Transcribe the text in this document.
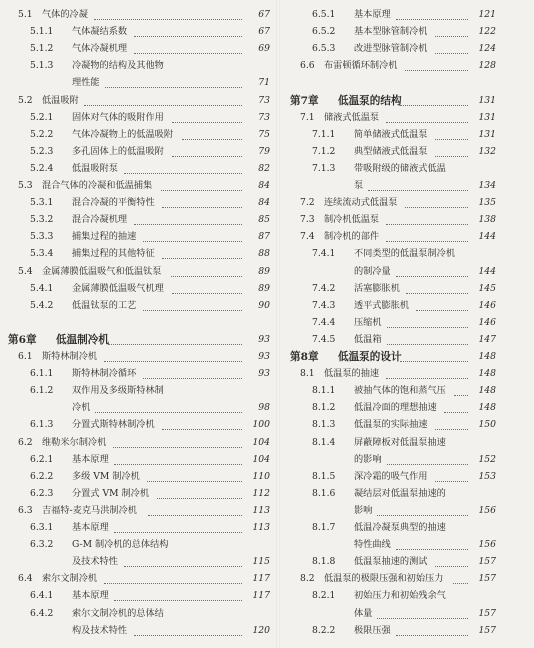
5.1 气体的冷凝	67
5.1.1 气体凝结系数	67
5.1.2 气体冷凝机理	69
5.1.3 冷凝物的结构及其他物
理性能	71
5.2 低温吸附	73
5.2.1 固体对气体的吸附作用	73
5.2.2 气体冷凝物上的低温吸附	75
5.2.3 多孔固体上的低温吸附	79
5.2.4 低温吸附泵	82
5.3 混合气体的冷凝和低温捕集	84
5.3.1 混合冷凝的平衡特性	84
5.3.2 混合冷凝机理	85
5.3.3 捕集过程的抽速	87
5.3.4 捕集过程的其他特征	88
5.4 金属薄膜低温吸气和低温钛泵	89
5.4.1 金属薄膜低温吸气机理	89
5.4.2 低温钛泵的工艺	90
第6章 低温制冷机	93
6.1 斯特林制冷机	93
6.1.1 斯特林制冷循环	93
6.1.2 双作用及多级斯特林制
冷机	98
6.1.3 分置式斯特林制冷机	100
6.2 维勒米尔制冷机	104
6.2.1 基本原理	104
6.2.2 多级 VM 制冷机	110
6.2.3 分置式 VM 制冷机	112
6.3 吉福特-麦克马洪制冷机	113
6.3.1 基本原理	113
6.3.2 G-M 制冷机的总体结构
及技术特性	115
6.4 索尔文制冷机	117
6.4.1 基本原理	117
6.4.2 索尔文制冷机的总体结
构及技术特性	120
6.5.1 基本原理	121
6.5.2 基本型脉管制冷机	122
6.5.3 改进型脉管制冷机	124
6.6 布雷顿循环制冷机	128
第7章 低温泵的结构	131
7.1 储液式低温泵	131
7.1.1 简单储液式低温泵	131
7.1.2 典型储液式低温泵	132
7.1.3 带吸附级的储液式低温
泵	134
7.2 连续流动式低温泵	135
7.3 制冷机低温泵	138
7.4 制冷机的部件	144
7.4.1 不同类型的低温泵制冷机
的制冷量	144
7.4.2 活塞膨胀机	145
7.4.3 透平式膨胀机	146
7.4.4 压缩机	146
7.4.5 低温箱	147
第8章 低温泵的设计	148
8.1 低温泵的抽速	148
8.1.1 被抽气体的饱和蒸气压	148
8.1.2 低温冷面的理想抽速	148
8.1.3 低温泵的实际抽速	150
8.1.4 屏蔽障板对低温泵抽速
的影响	152
8.1.5 深冷霜的吸气作用	153
8.1.6 凝结层对低温泵抽速的
影响	156
8.1.7 低温冷凝泵典型的抽速
特性曲线	156
8.1.8 低温泵抽速的测试	157
8.2 低温泵的极限压强和初始压力	157
8.2.1 初始压力和初始残余气
体量	157
8.2.2 极限压强	157
